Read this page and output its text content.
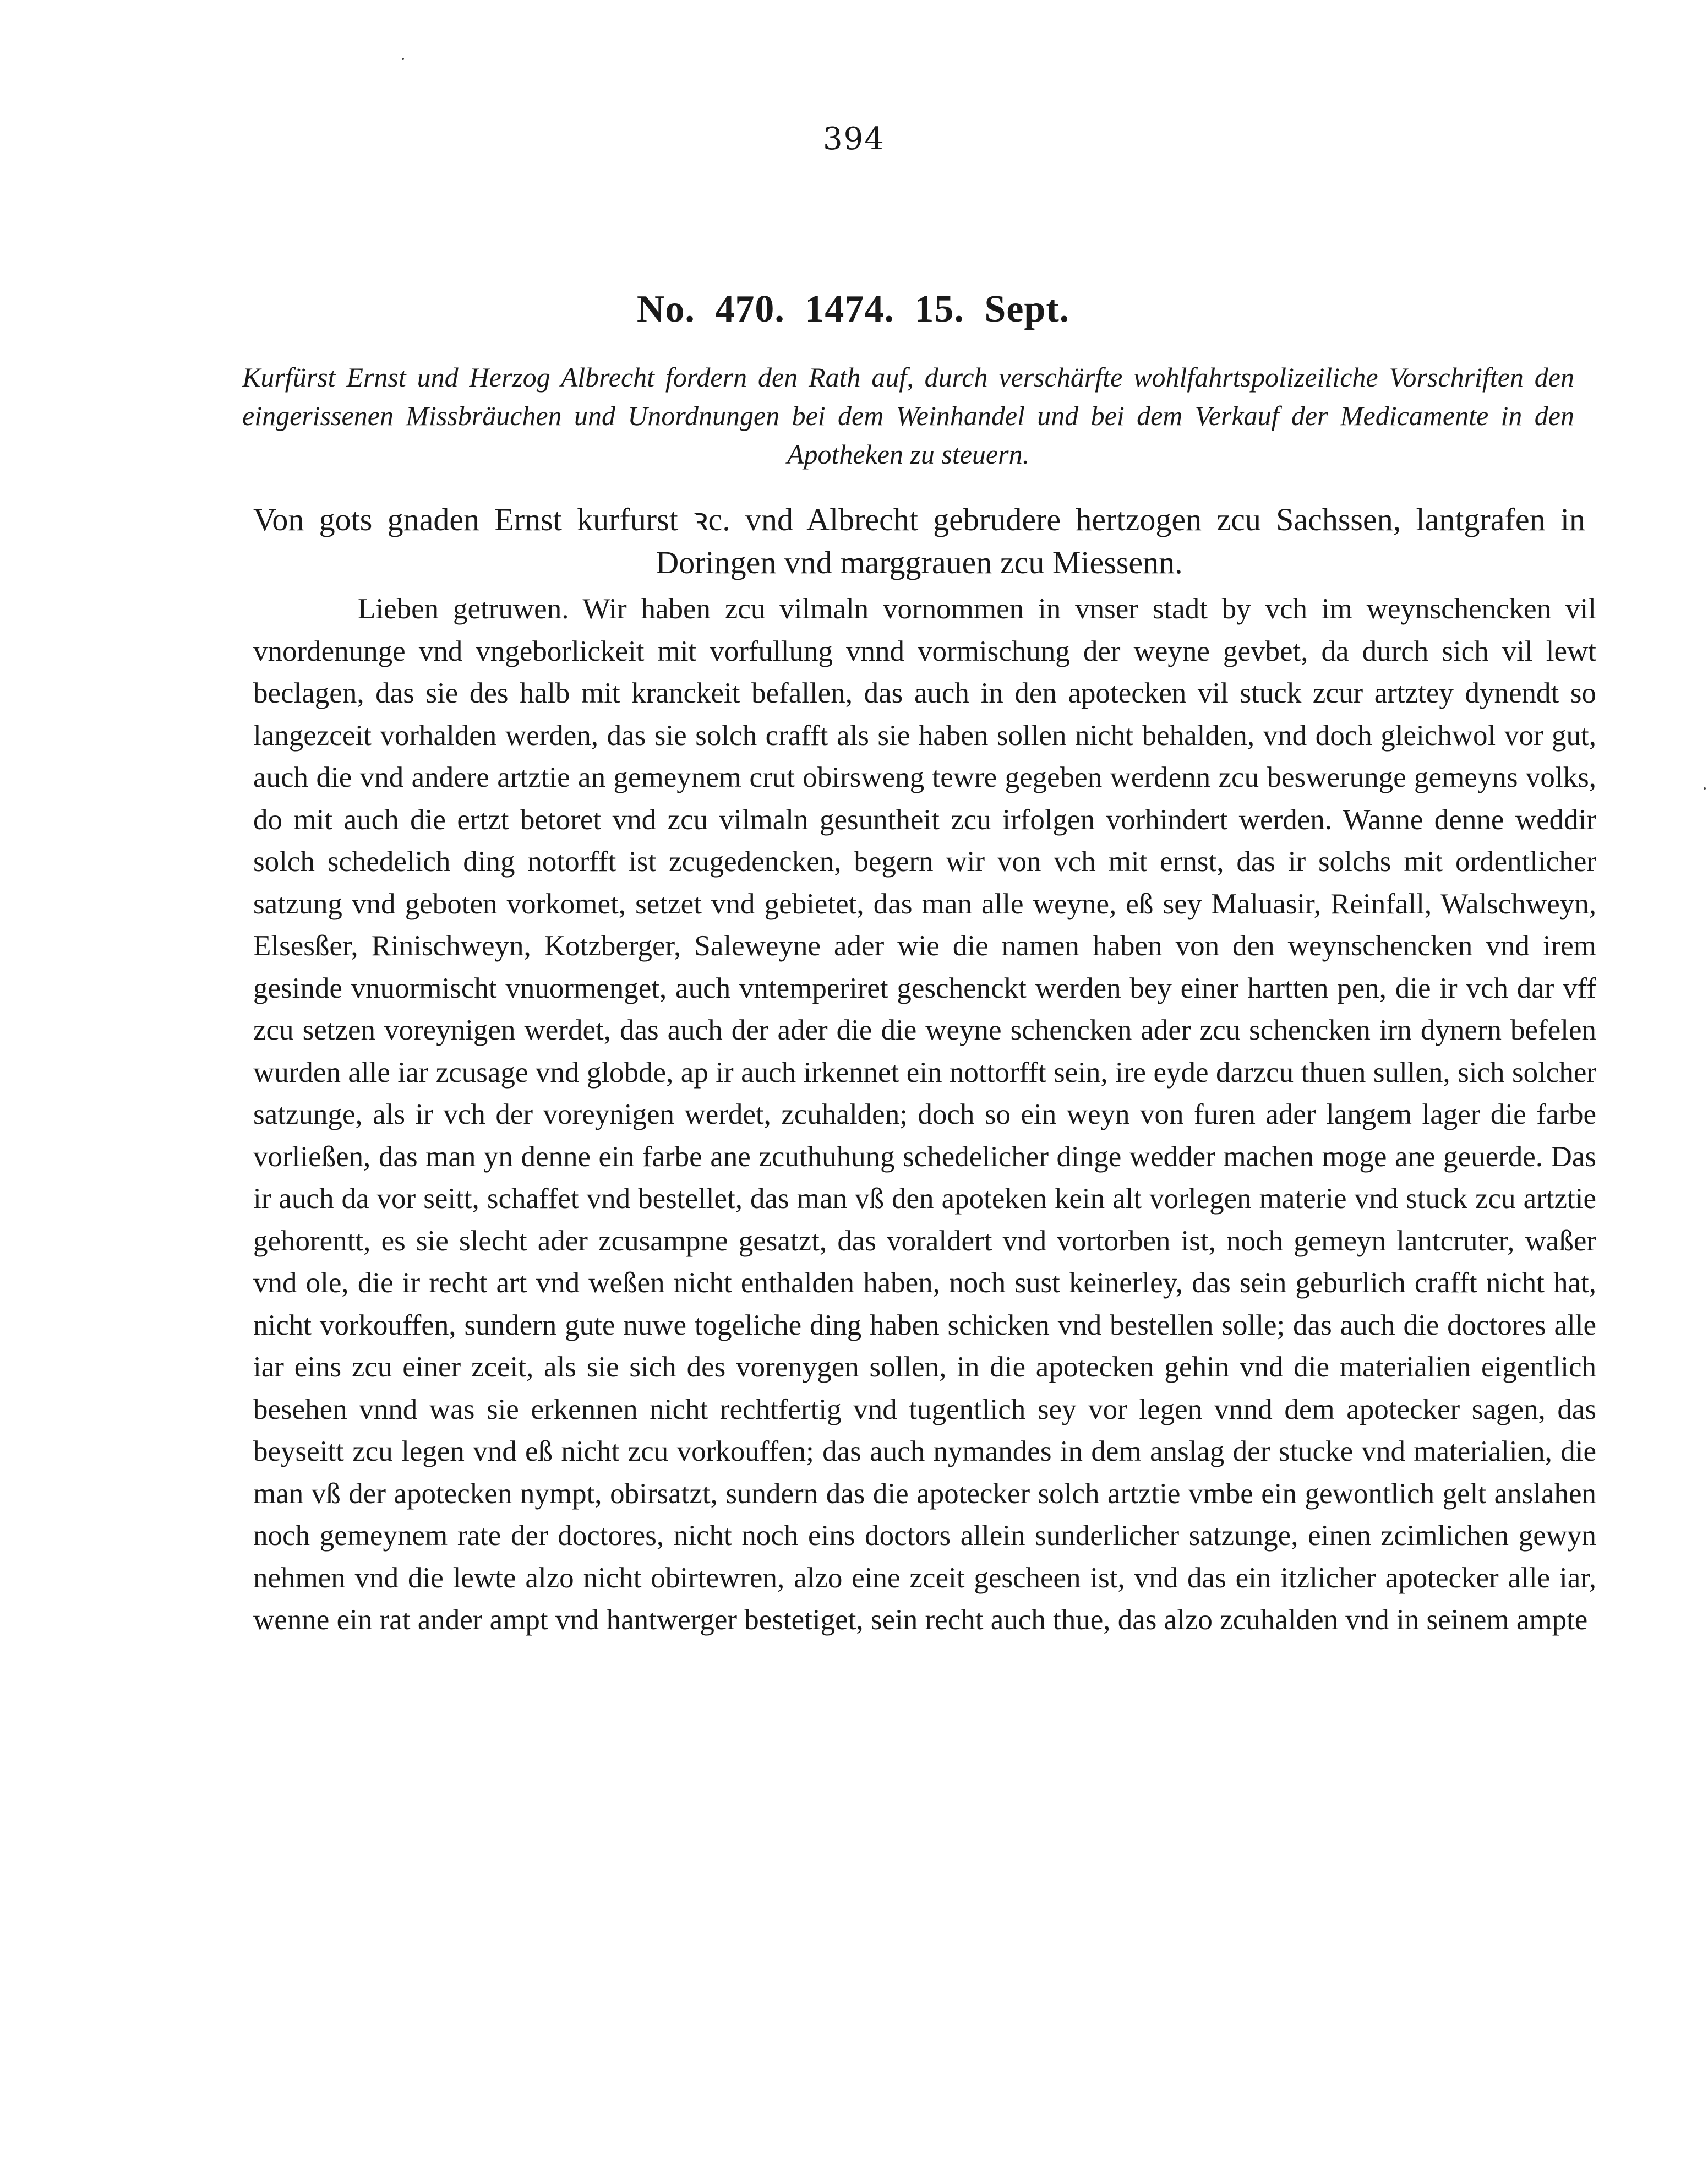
394
No. 470. 1474. 15. Sept.
Kurfürst Ernst und Herzog Albrecht fordern den Rath auf, durch verschärfte wohlfahrtspolizeiliche Vorschriften den eingerissenen Missbräuchen und Unordnungen bei dem Weinhandel und bei dem Verkauf der Medicamente in den Apotheken zu steuern.
Von gots gnaden Ernst kurfurst ꝛc. vnd Albrecht gebrudere hertzogen zcu Sachssen, lantgrafen in Doringen vnd marggrauen zcu Miessenn.
Lieben getruwen. Wir haben zcu vilmaln vornommen in vnser stadt by vch im weynschencken vil vnordenunge vnd vngeborlickeit mit vorfullung vnnd vormischung der weyne gevbet, da durch sich vil lewt beclagen, das sie des halb mit kranckeit befallen, das auch in den apotecken vil stuck zcur artztey dynendt so langezceit vorhalden werden, das sie solch crafft als sie haben sollen nicht behalden, vnd doch gleichwol vor gut, auch die vnd andere artztie an gemeynem crut obirsweng tewre gegeben werdenn zcu beswerunge gemeyns volks, do mit auch die ertzt betoret vnd zcu vilmaln gesuntheit zcu irfolgen vorhindert werden. Wanne denne weddir solch schedelich ding notorfft ist zcugedencken, begern wir von vch mit ernst, das ir solchs mit ordentlicher satzung vnd geboten vorkomet, setzet vnd gebietet, das man alle weyne, eß sey Maluasir, Reinfall, Walschweyn, Elsesßer, Rinischweyn, Kotzberger, Saleweyne ader wie die namen haben von den weynschencken vnd irem gesinde vnuormischt vnuormenget, auch vntemperiret geschenckt werden bey einer hartten pen, die ir vch dar vff zcu setzen voreynigen werdet, das auch der ader die die weyne schencken ader zcu schencken irn dynern befelen wurden alle iar zcusage vnd globde, ap ir auch irkennet ein nottorfft sein, ire eyde darzcu thuen sullen, sich solcher satzunge, als ir vch der voreynigen werdet, zcuhalden; doch so ein weyn von furen ader langem lager die farbe vorließen, das man yn denne ein farbe ane zcuthuhung schedelicher dinge wedder machen moge ane geuerde. Das ir auch da vor seitt, schaffet vnd bestellet, das man vß den apoteken kein alt vorlegen materie vnd stuck zcu artztie gehorentt, es sie slecht ader zcusampne gesatzt, das voraldert vnd vortorben ist, noch gemeyn lantcruter, waßer vnd ole, die ir recht art vnd weßen nicht enthalden haben, noch sust keinerley, das sein geburlich crafft nicht hat, nicht vorkouffen, sundern gute nuwe togeliche ding haben schicken vnd bestellen solle; das auch die doctores alle iar eins zcu einer zceit, als sie sich des vorenygen sollen, in die apotecken gehin vnd die materialien eigentlich besehen vnnd was sie erkennen nicht rechtfertig vnd tugentlich sey vor legen vnnd dem apotecker sagen, das beyseitt zcu legen vnd eß nicht zcu vorkouffen; das auch nymandes in dem anslag der stucke vnd materialien, die man vß der apotecken nympt, obirsatzt, sundern das die apotecker solch artztie vmbe ein gewontlich gelt anslahen noch gemeynem rate der doctores, nicht noch eins doctors allein sunderlicher satzunge, einen zcimlichen gewyn nehmen vnd die lewte alzo nicht obirtewren, alzo eine zceit gescheen ist, vnd das ein itzlicher apotecker alle iar, wenne ein rat ander ampt vnd hantwerger bestetiget, sein recht auch thue, das alzo zcuhalden vnd in seinem ampte
